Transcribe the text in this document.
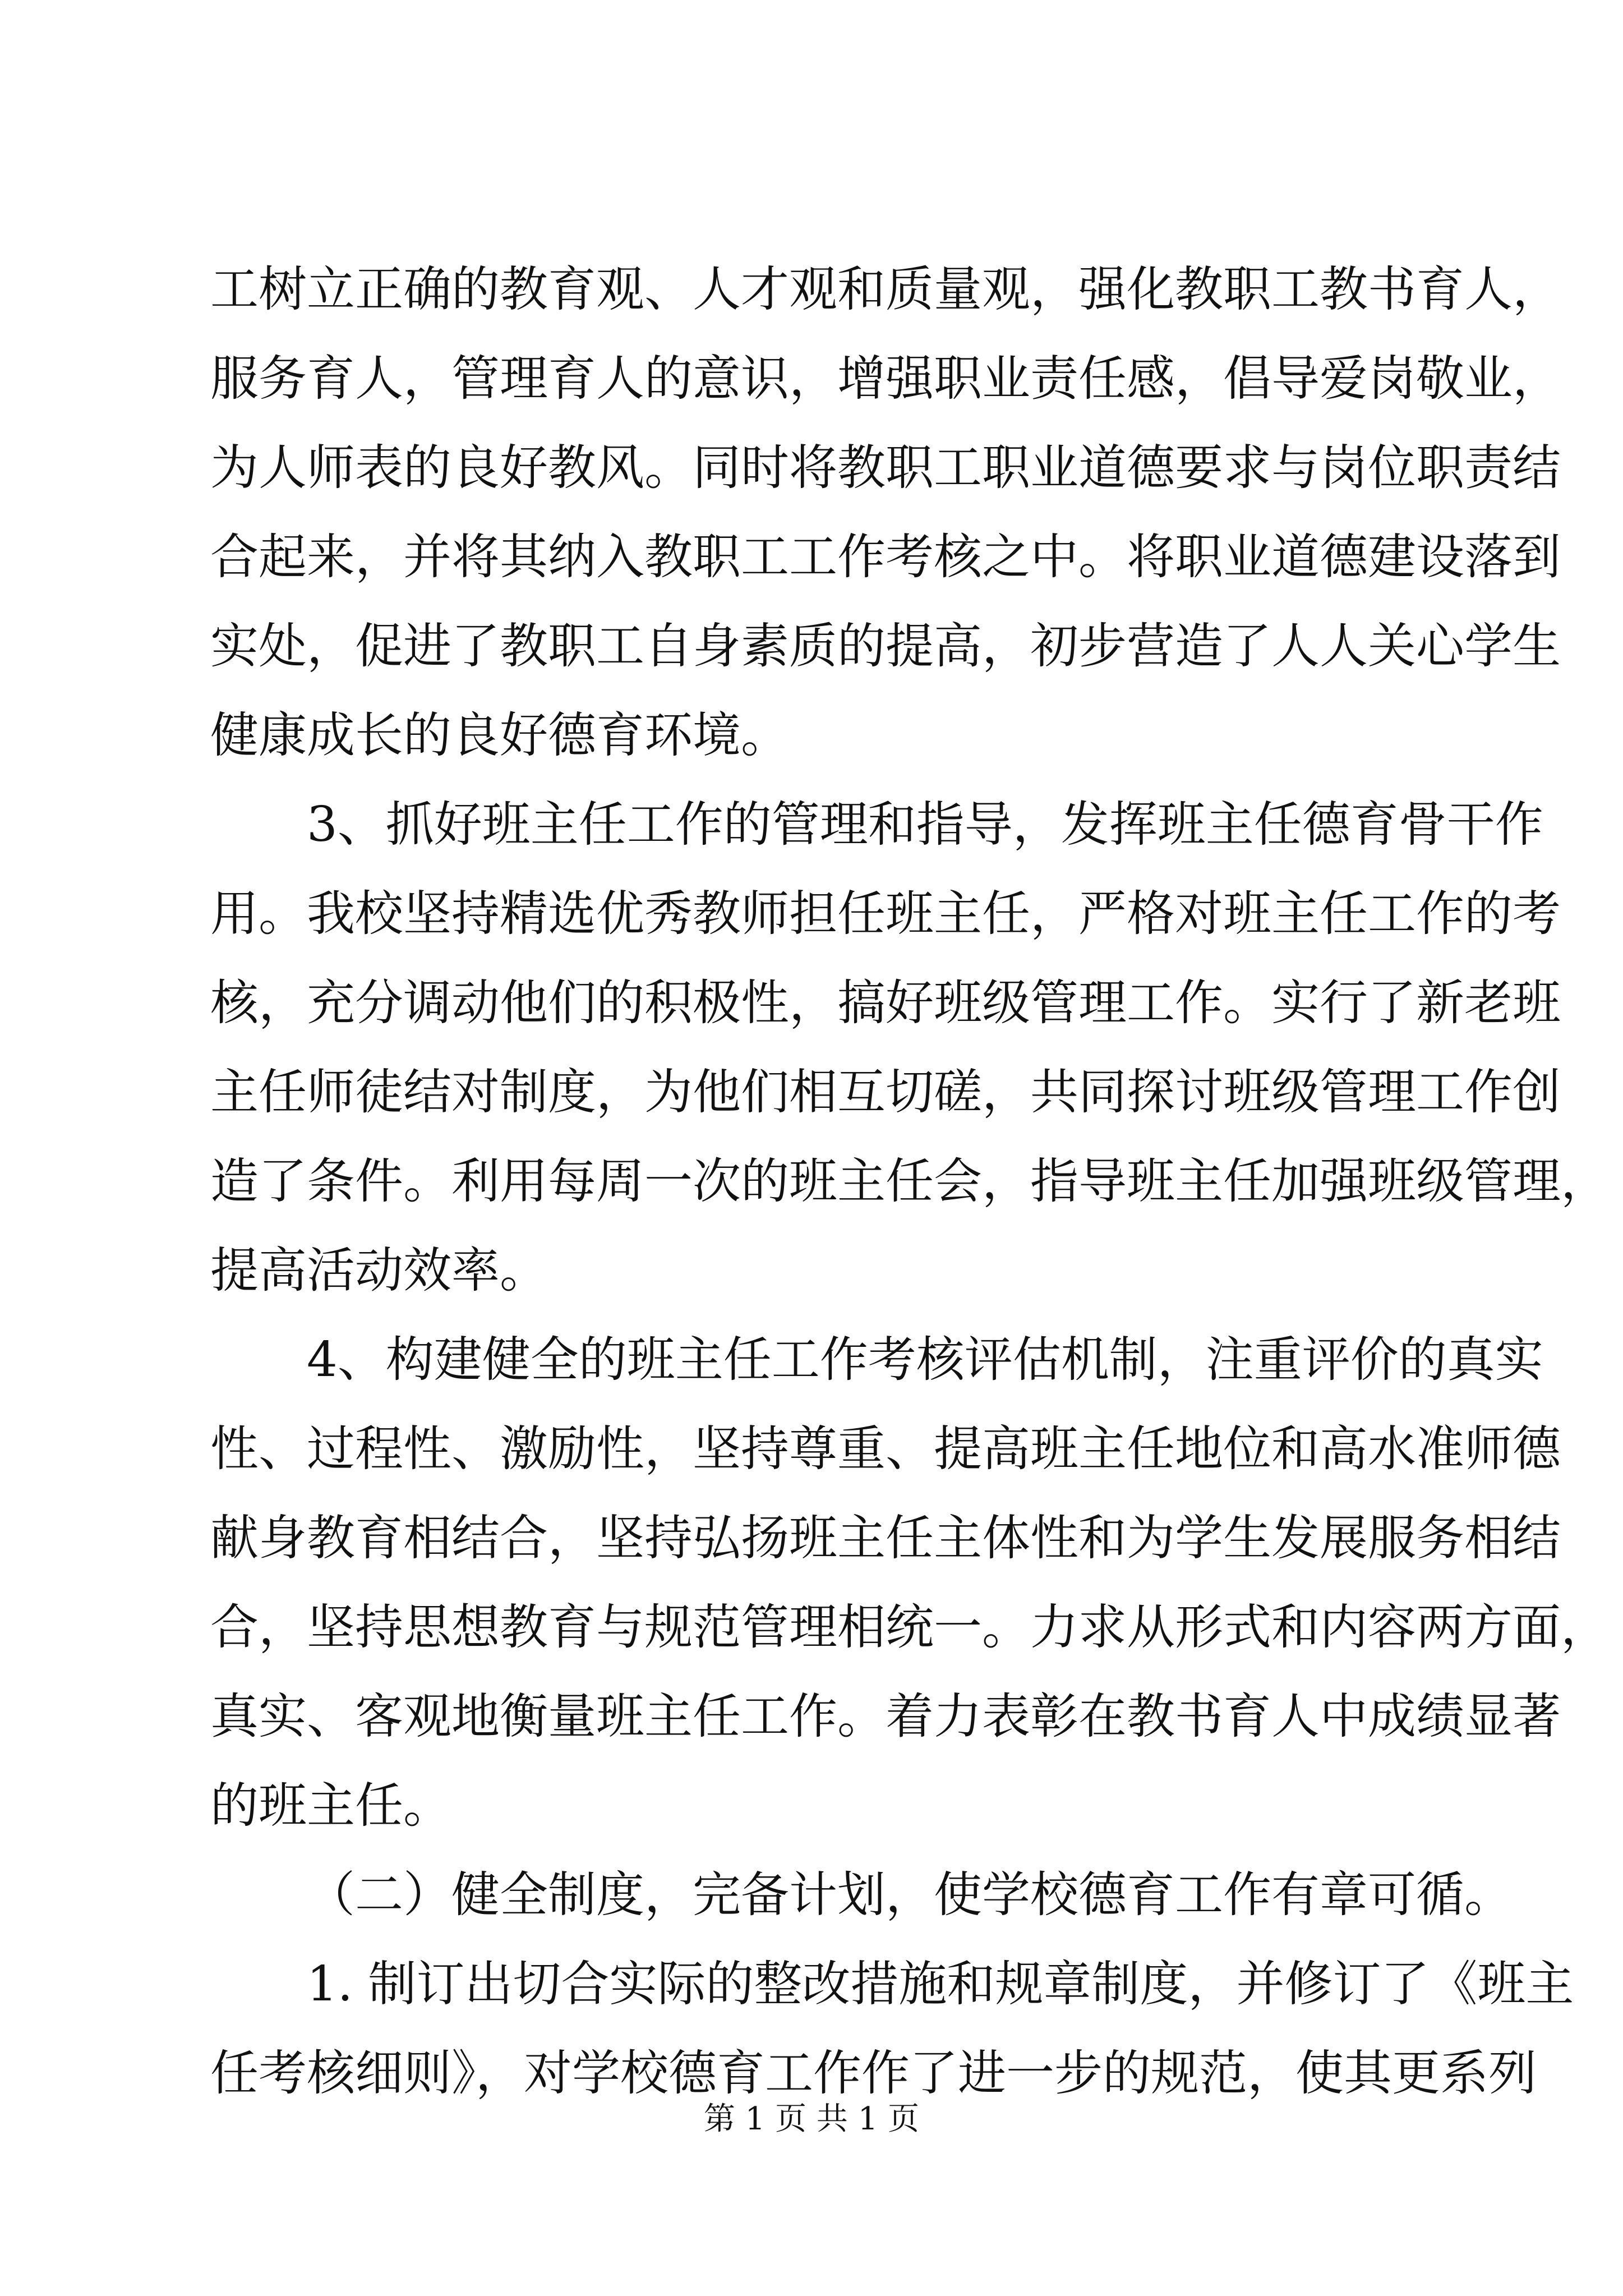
工树立正确的教育观、人才观和质量观，强化教职工教书育人，
服务育人，管理育人的意识，增强职业责任感，倡导爱岗敬业，
为人师表的良好教风。同时将教职工职业道德要求与岗位职责结
合起来，并将其纳入教职工工作考核之中。将职业道德建设落到
实处，促进了教职工自身素质的提高，初步营造了人人关心学生
健康成长的良好德育环境。
3、抓好班主任工作的管理和指导，发挥班主任德育骨干作
用。我校坚持精选优秀教师担任班主任，严格对班主任工作的考
核，充分调动他们的积极性，搞好班级管理工作。实行了新老班
主任师徒结对制度，为他们相互切磋，共同探讨班级管理工作创
造了条件。利用每周一次的班主任会，指导班主任加强班级管理，
提高活动效率。
4、构建健全的班主任工作考核评估机制，注重评价的真实
性、过程性、激励性，坚持尊重、提高班主任地位和高水准师德
献身教育相结合，坚持弘扬班主任主体性和为学生发展服务相结
合，坚持思想教育与规范管理相统一。力求从形式和内容两方面，
真实、客观地衡量班主任工作。着力表彰在教书育人中成绩显著
的班主任。
（二）健全制度，完备计划，使学校德育工作有章可循。
1. 制订出切合实际的整改措施和规章制度，并修订了《班主
任考核细则》，对学校德育工作作了进一步的规范，使其更系列
第 1 页 共 1 页
